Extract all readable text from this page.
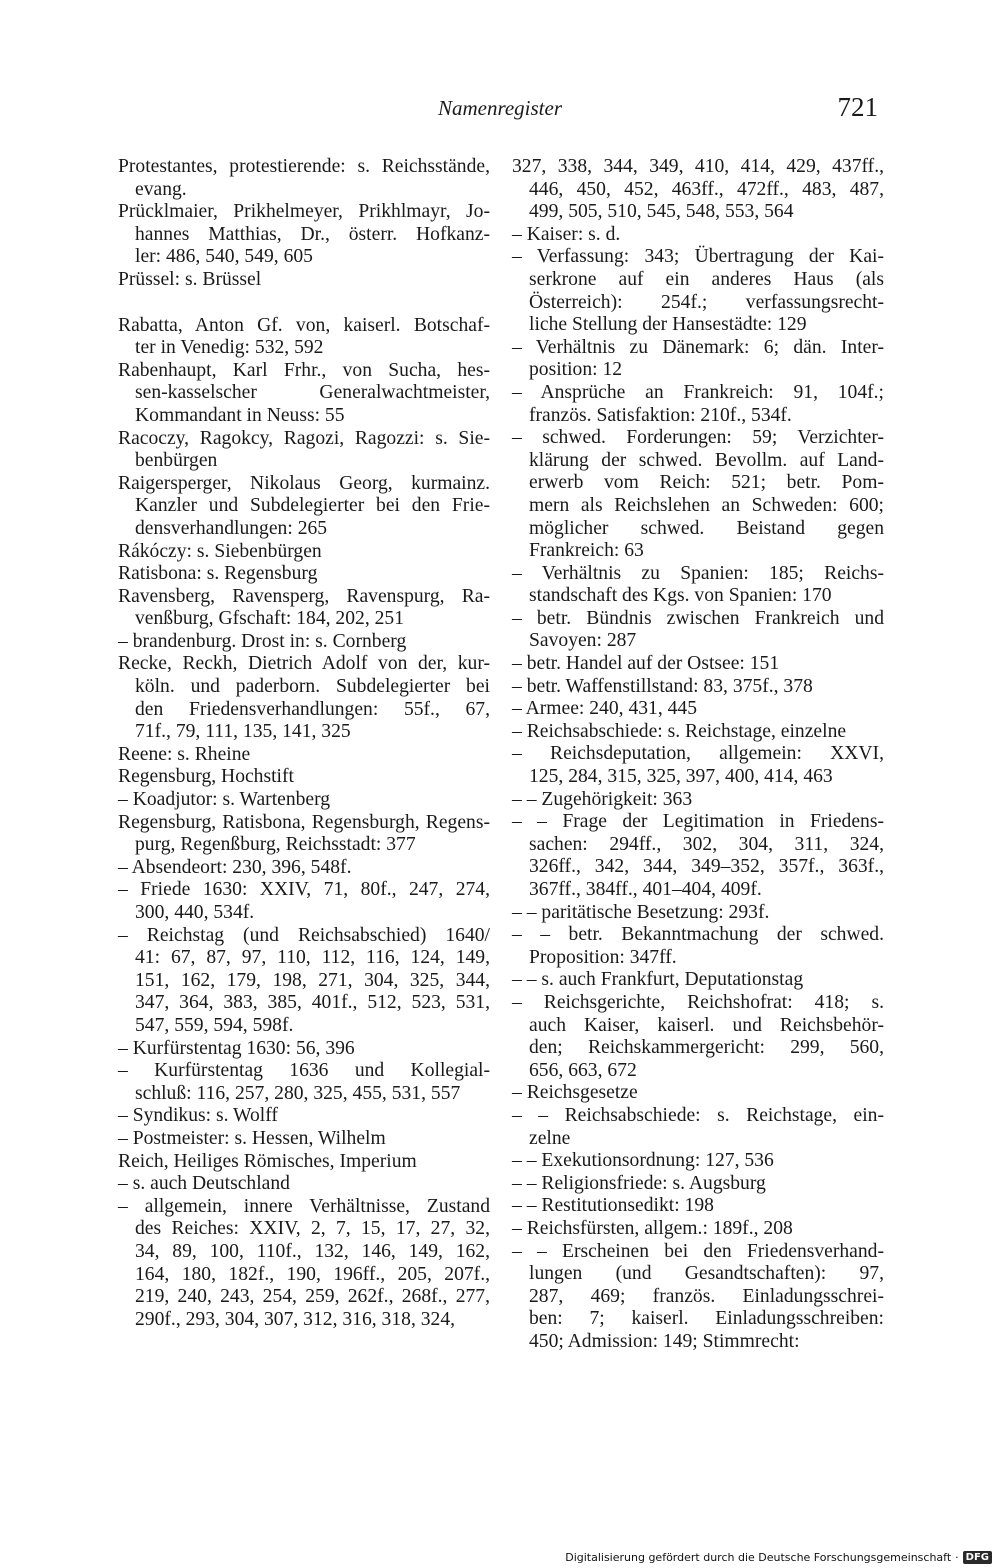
Namenregister	721
Protestantes, protestierende: s. Reichsstände,
evang.
Prücklmaier, Prikhelmeyer, Prikhlmayr, Jo-
hannes Matthias, Dr., österr. Hofkanz-
ler: 486, 540, 549, 605
Prüssel: s. Brüssel
Rabatta, Anton Gf. von, kaiserl. Botschaf-
ter in Venedig: 532, 592
Rabenhaupt, Karl Frhr., von Sucha, hes-
sen-kasselscher Generalwachtmeister,
Kommandant in Neuss: 55
Racoczy, Ragokcy, Ragozi, Ragozzi: s. Sie-
benbürgen
Raigersperger, Nikolaus Georg, kurmainz.
Kanzler und Subdelegierter bei den Frie-
densverhandlungen: 265
Rákóczy: s. Siebenbürgen
Ratisbona: s. Regensburg
Ravensberg, Ravensperg, Ravenspurg, Ra-
venßburg, Gfschaft: 184, 202, 251
– brandenburg. Drost in: s. Cornberg
Recke, Reckh, Dietrich Adolf von der, kur-
köln. und paderborn. Subdelegierter bei
den Friedensverhandlungen: 55f., 67,
71f., 79, 111, 135, 141, 325
Reene: s. Rheine
Regensburg, Hochstift
– Koadjutor: s. Wartenberg
Regensburg, Ratisbona, Regensburgh, Regens-
purg, Regenßburg, Reichsstadt: 377
– Absendeort: 230, 396, 548f.
– Friede 1630: XXIV, 71, 80f., 247, 274,
300, 440, 534f.
– Reichstag (und Reichsabschied) 1640/
41: 67, 87, 97, 110, 112, 116, 124, 149,
151, 162, 179, 198, 271, 304, 325, 344,
347, 364, 383, 385, 401f., 512, 523, 531,
547, 559, 594, 598f.
– Kurfürstentag 1630: 56, 396
– Kurfürstentag 1636 und Kollegial-
schluß: 116, 257, 280, 325, 455, 531, 557
– Syndikus: s. Wolff
– Postmeister: s. Hessen, Wilhelm
Reich, Heiliges Römisches, Imperium
– s. auch Deutschland
– allgemein, innere Verhältnisse, Zustand
des Reiches: XXIV, 2, 7, 15, 17, 27, 32,
34, 89, 100, 110f., 132, 146, 149, 162,
164, 180, 182f., 190, 196ff., 205, 207f.,
219, 240, 243, 254, 259, 262f., 268f., 277,
290f., 293, 304, 307, 312, 316, 318, 324,
327, 338, 344, 349, 410, 414, 429, 437ff.,
446, 450, 452, 463ff., 472ff., 483, 487,
499, 505, 510, 545, 548, 553, 564
– Kaiser: s. d.
– Verfassung: 343; Übertragung der Kai-
serkrone auf ein anderes Haus (als
Österreich): 254f.; verfassungsrecht-
liche Stellung der Hansestädte: 129
– Verhältnis zu Dänemark: 6; dän. Inter-
position: 12
– Ansprüche an Frankreich: 91, 104f.;
französ. Satisfaktion: 210f., 534f.
– schwed. Forderungen: 59; Verzichter-
klärung der schwed. Bevollm. auf Land-
erwerb vom Reich: 521; betr. Pom-
mern als Reichslehen an Schweden: 600;
möglicher schwed. Beistand gegen
Frankreich: 63
– Verhältnis zu Spanien: 185; Reichs-
standschaft des Kgs. von Spanien: 170
– betr. Bündnis zwischen Frankreich und
Savoyen: 287
– betr. Handel auf der Ostsee: 151
– betr. Waffenstillstand: 83, 375f., 378
– Armee: 240, 431, 445
– Reichsabschiede: s. Reichstage, einzelne
– Reichsdeputation, allgemein: XXVI,
125, 284, 315, 325, 397, 400, 414, 463
– – Zugehörigkeit: 363
– – Frage der Legitimation in Friedens-
sachen: 294ff., 302, 304, 311, 324,
326ff., 342, 344, 349–352, 357f., 363f.,
367ff., 384ff., 401–404, 409f.
– – paritätische Besetzung: 293f.
– – betr. Bekanntmachung der schwed.
Proposition: 347ff.
– – s. auch Frankfurt, Deputationstag
– Reichsgerichte, Reichshofrat: 418; s.
auch Kaiser, kaiserl. und Reichsbehör-
den; Reichskammergericht: 299, 560,
656, 663, 672
– Reichsgesetze
– – Reichsabschiede: s. Reichstage, ein-
zelne
– – Exekutionsordnung: 127, 536
– – Religionsfriede: s. Augsburg
– – Restitutionsedikt: 198
– Reichsfürsten, allgem.: 189f., 208
– – Erscheinen bei den Friedensverhand-
lungen (und Gesandtschaften): 97,
287, 469; französ. Einladungsschrei-
ben: 7; kaiserl. Einladungsschreiben:
450; Admission: 149; Stimmrecht:
Digitalisierung gefördert durch die Deutsche Forschungsgemeinschaft · DFG
